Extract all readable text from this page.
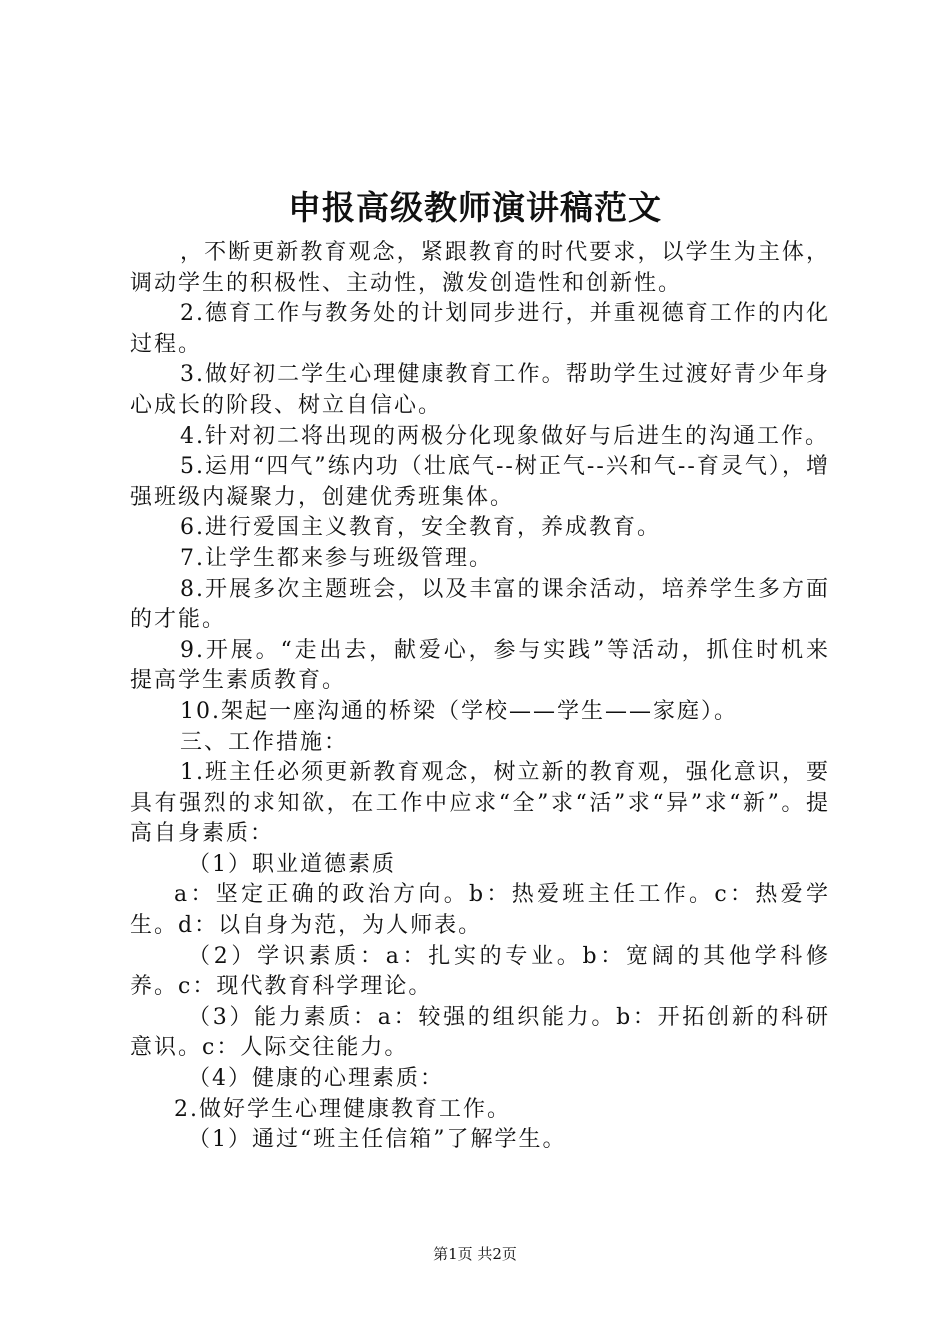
申报高级教师演讲稿范文

，不断更新教育观念，紧跟教育的时代要求，以学生为主体，调动学生的积极性、主动性，激发创造性和创新性。

2.德育工作与教务处的计划同步进行，并重视德育工作的内化过程。

3.做好初二学生心理健康教育工作。帮助学生过渡好青少年身心成长的阶段、树立自信心。

4.针对初二将出现的两极分化现象做好与后进生的沟通工作。

5.运用“四气”练内功（壮底气--树正气--兴和气--育灵气），增强班级内凝聚力，创建优秀班集体。

6.进行爱国主义教育，安全教育，养成教育。

7.让学生都来参与班级管理。

8.开展多次主题班会，以及丰富的课余活动，培养学生多方面的才能。

9.开展。“走出去，献爱心，参与实践”等活动，抓住时机来提高学生素质教育。

10.架起一座沟通的桥梁（学校——学生——家庭）。

三、工作措施：

1.班主任必须更新教育观念，树立新的教育观，强化意识，要具有强烈的求知欲，在工作中应求“全”求“活”求“异”求“新”。提高自身素质：

（1）职业道德素质

a：坚定正确的政治方向。b：热爱班主任工作。c：热爱学生。d：以自身为范，为人师表。

（2）学识素质：a：扎实的专业。b：宽阔的其他学科修养。c：现代教育科学理论。

（3）能力素质：a：较强的组织能力。b：开拓创新的科研意识。c：人际交往能力。

（4）健康的心理素质：

2.做好学生心理健康教育工作。

（1）通过“班主任信箱”了解学生。

第1页 共2页
